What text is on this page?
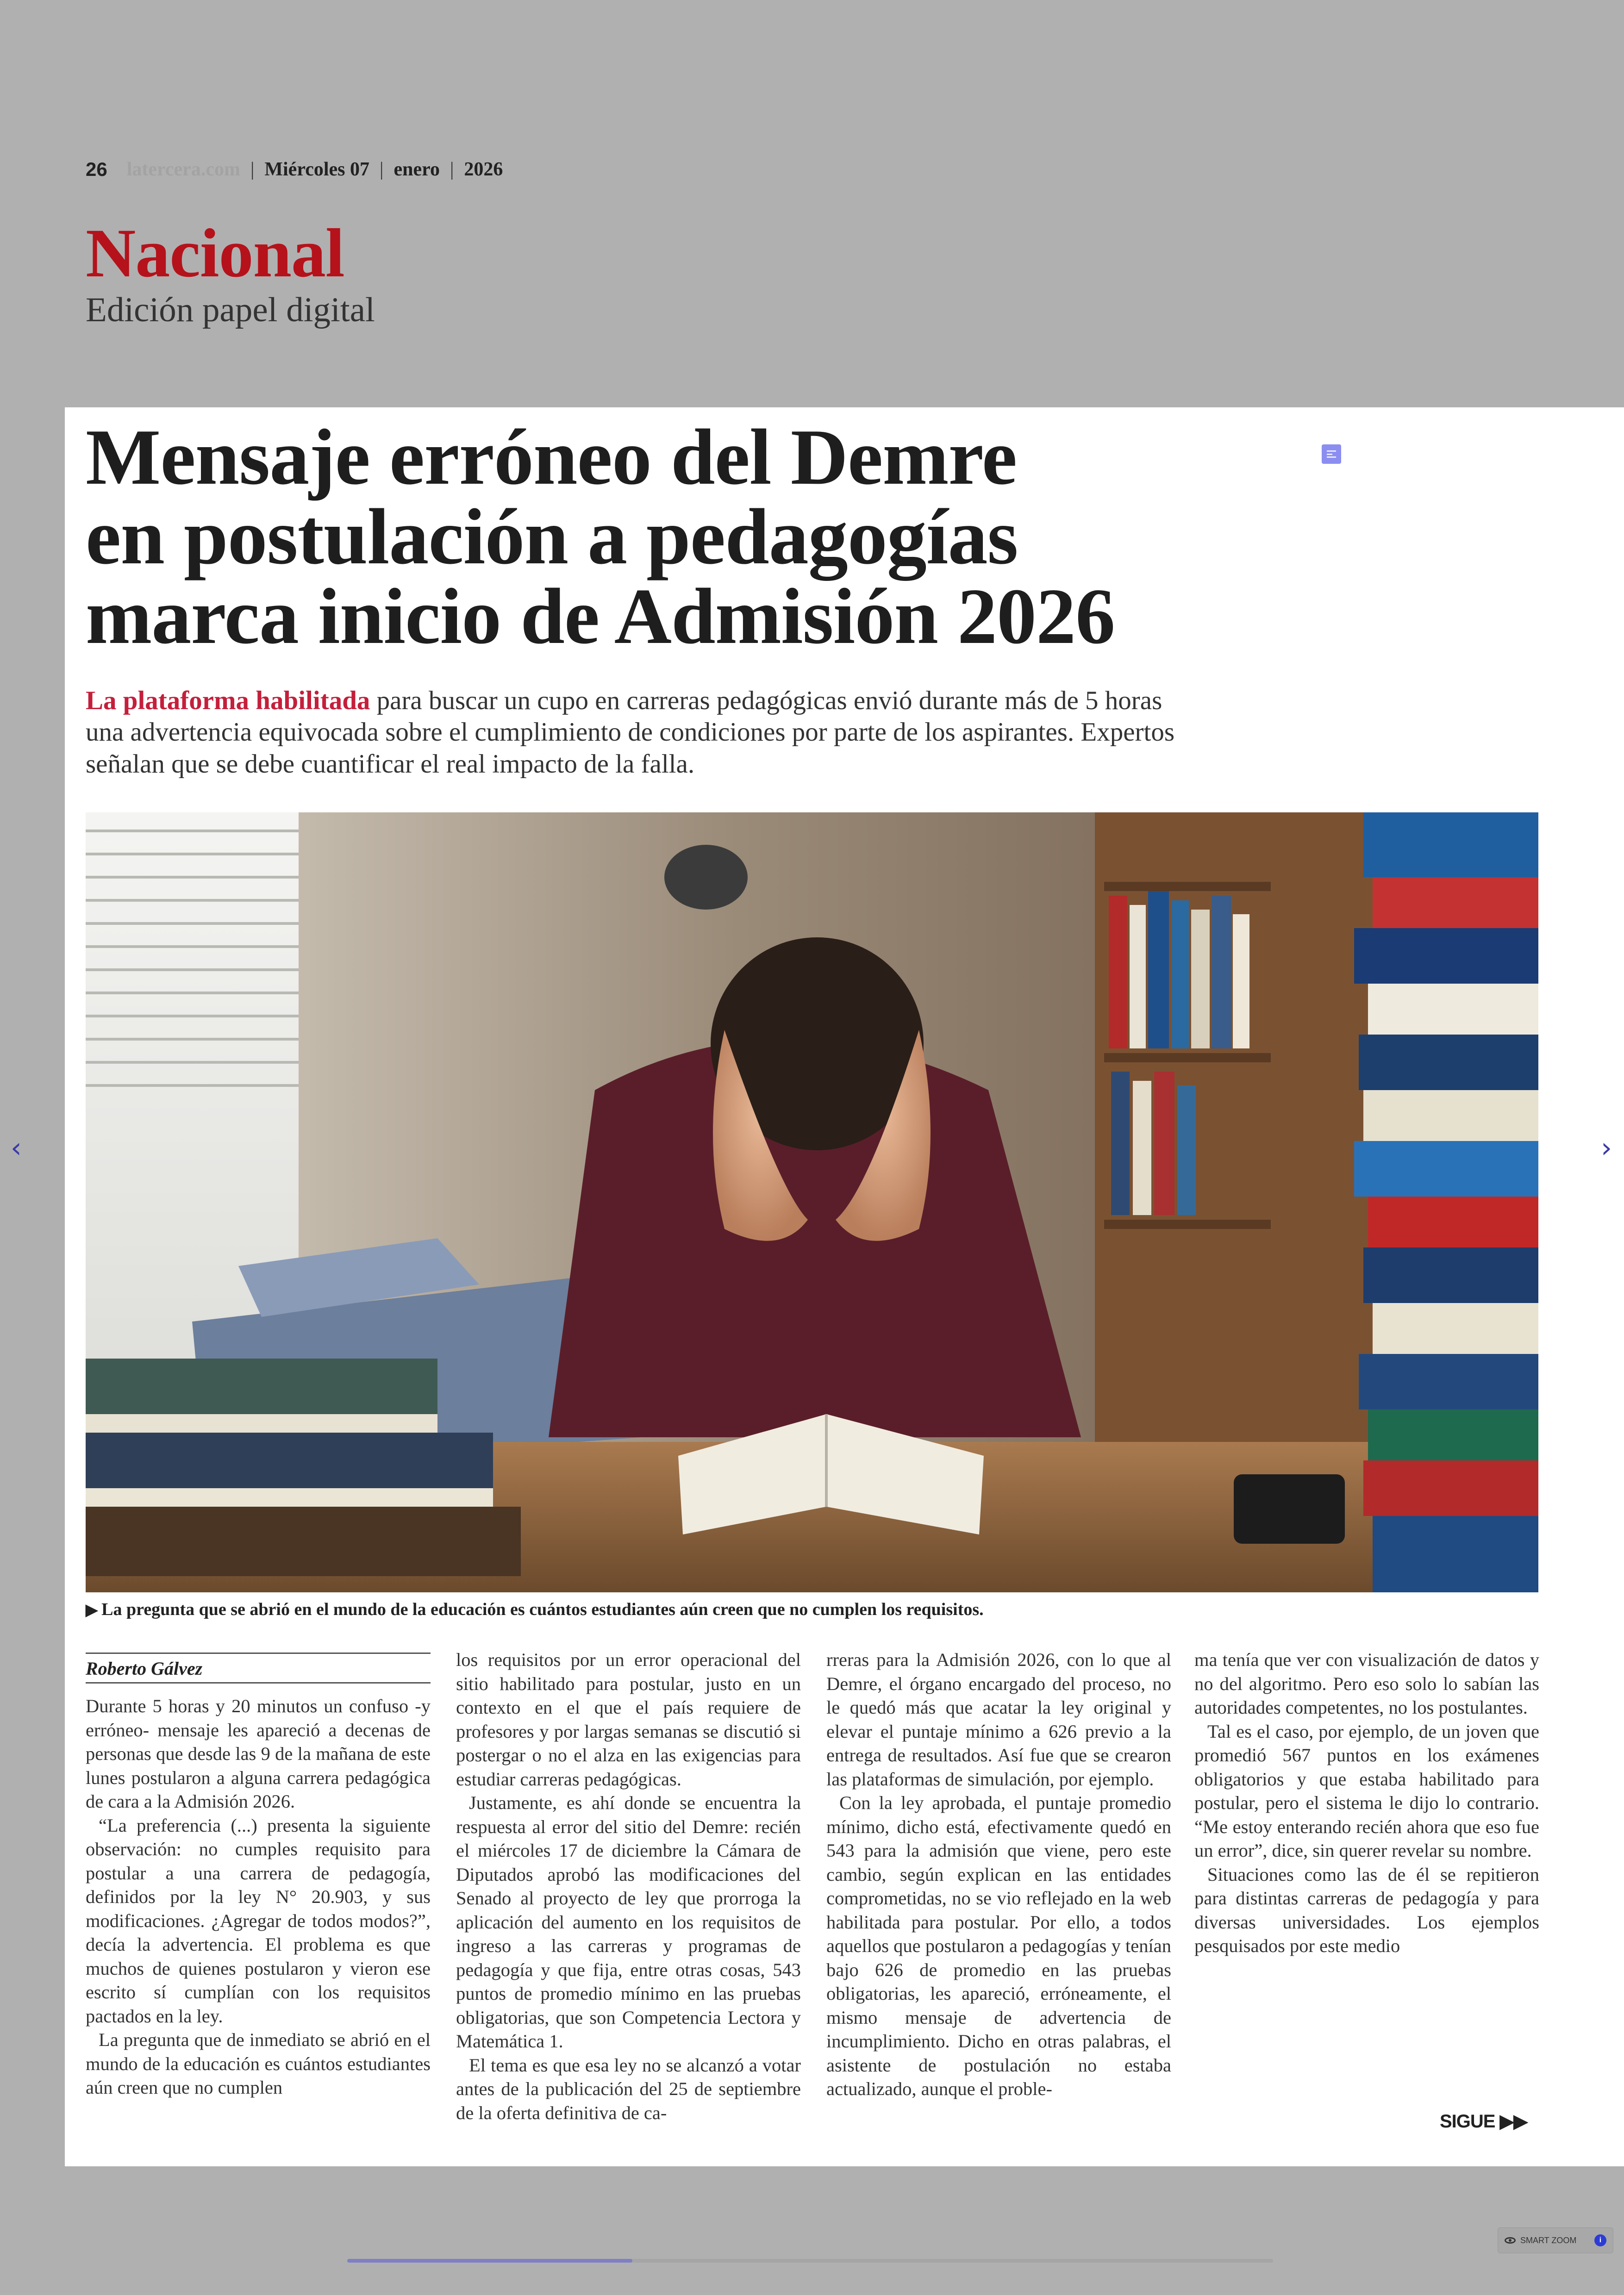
26 latercera.com | Miércoles 07 | enero | 2026
Nacional
Edición papel digital
Mensaje erróneo del Demre
en postulación a pedagogías
marca inicio de Admisión 2026
La plataforma habilitada para buscar un cupo en carreras pedagógicas envió durante más de 5 horas una advertencia equivocada sobre el cumplimiento de condiciones por parte de los aspirantes. Expertos señalan que se debe cuantificar el real impacto de la falla.
▶ La pregunta que se abrió en el mundo de la educación es cuántos estudiantes aún creen que no cumplen los requisitos.
Roberto Gálvez

Durante 5 horas y 20 minutos un confuso -y erróneo- mensaje les apareció a decenas de personas que desde las 9 de la mañana de este lunes postularon a alguna carrera pedagógica de cara a la Admisión 2026.

“La preferencia (...) presenta la siguiente observación: no cumples requisito para postular a una carrera de pedagogía, definidos por la ley N° 20.903, y sus modificaciones. ¿Agregar de todos modos?”, decía la advertencia. El problema es que muchos de quienes postularon y vieron ese escrito sí cumplían con los requisitos pactados en la ley.

La pregunta que de inmediato se abrió en el mundo de la educación es cuántos estudiantes aún creen que no cumplen

los requisitos por un error operacional del sitio habilitado para postular, justo en un contexto en el que el país requiere de profesores y por largas semanas se discutió si postergar o no el alza en las exigencias para estudiar carreras pedagógicas.

Justamente, es ahí donde se encuentra la respuesta al error del sitio del Demre: recién el miércoles 17 de diciembre la Cámara de Diputados aprobó las modificaciones del Senado al proyecto de ley que prorroga la aplicación del aumento en los requisitos de ingreso a las carreras y programas de pedagogía y que fija, entre otras cosas, 543 puntos de promedio mínimo en las pruebas obligatorias, que son Competencia Lectora y Matemática 1.

El tema es que esa ley no se alcanzó a votar antes de la publicación del 25 de septiembre de la oferta definitiva de ca-

rreras para la Admisión 2026, con lo que al Demre, el órgano encargado del proceso, no le quedó más que acatar la ley original y elevar el puntaje mínimo a 626 previo a la entrega de resultados. Así fue que se crearon las plataformas de simulación, por ejemplo.

Con la ley aprobada, el puntaje promedio mínimo, dicho está, efectivamente quedó en 543 para la admisión que viene, pero este cambio, según explican en las entidades comprometidas, no se vio reflejado en la web habilitada para postular. Por ello, a todos aquellos que postularon a pedagogías y tenían bajo 626 de promedio en las pruebas obligatorias, les apareció, erróneamente, el mismo mensaje de advertencia de incumplimiento. Dicho en otras palabras, el asistente de postulación no estaba actualizado, aunque el proble-

ma tenía que ver con visualización de datos y no del algoritmo. Pero eso solo lo sabían las autoridades competentes, no los postulantes.

Tal es el caso, por ejemplo, de un joven que promedió 567 puntos en los exámenes obligatorios y que estaba habilitado para postular, pero el sistema le dijo lo contrario. “Me estoy enterando recién ahora que eso fue un error”, dice, sin querer revelar su nombre.

Situaciones como las de él se repitieron para distintas carreras de pedagogía y para diversas universidades. Los ejemplos pesquisados por este medio

SIGUE ▶▶
‹	›
SMART ZOOM	i
